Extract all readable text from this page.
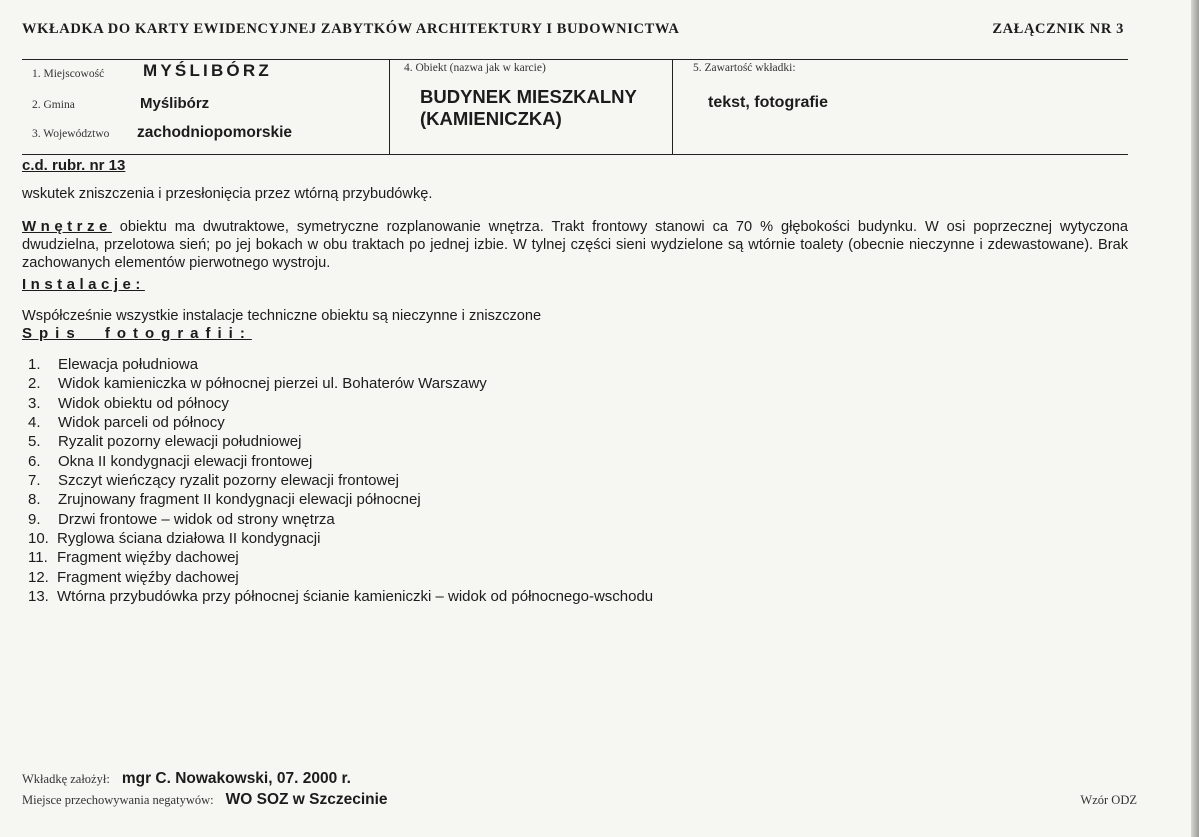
WKŁADKA DO KARTY EWIDENCYJNEJ ZABYTKÓW ARCHITEKTURY I BUDOWNICTWA	ZAŁĄCZNIK NR 3
1. Miejscowość MYŚLIBÓRZ
2. Gmina	Myślibórz
3. Województwo zachodniopomorskie
4. Obiekt (nazwa jak w karcie)
BUDYNEK MIESZKALNY
(KAMIENICZKA)
5. Zawartość wkładki:
tekst, fotografie
c.d. rubr. nr 13

wskutek zniszczenia i przesłonięcia przez wtórną przybudówkę.

Wnętrze obiektu ma dwutraktowe, symetryczne rozplanowanie wnętrza. Trakt frontowy stanowi ca 70 % głębokości budynku. W osi poprzecznej wytyczona dwudzielna, przelotowa sień; po jej bokach w obu traktach po jednej izbie. W tylnej części sieni wydzielone są wtórnie toalety (obecnie nieczynne i zdewastowane). Brak zachowanych elementów pierwotnego wystroju.

Instalacje:

Współcześnie wszystkie instalacje techniczne obiektu są nieczynne i zniszczone

Spis fotografii:
1. Elewacja południowa
2. Widok kamieniczka w północnej pierzei ul. Bohaterów Warszawy
3. Widok obiektu od północy
4. Widok parceli od północy
5. Ryzalit pozorny elewacji południowej
6. Okna II kondygnacji elewacji frontowej
7. Szczyt wieńczący ryzalit pozorny elewacji frontowej
8. Zrujnowany fragment II kondygnacji elewacji północnej
9. Drzwi frontowe – widok od strony wnętrza
10. Ryglowa ściana działowa II kondygnacji
11. Fragment więźby dachowej
12. Fragment więźby dachowej
13. Wtórna przybudówka przy północnej ścianie kamieniczki – widok od północnego-wschodu
Wkładkę założył: mgr C. Nowakowski, 07. 2000 r.
Miejsce przechowywania negatywów: WO SOZ w Szczecinie	Wzór ODZ
